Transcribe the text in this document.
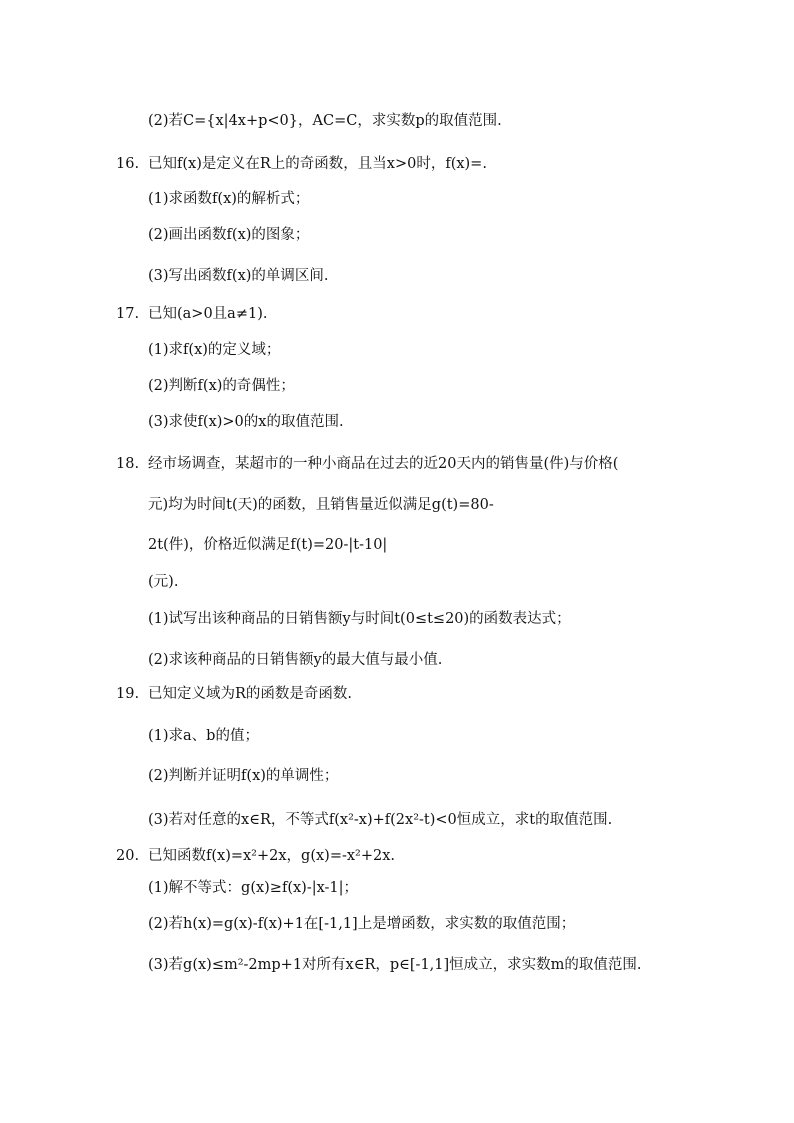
(2)若C={x|4x+p<0}，AC=C，求实数p的取值范围.
16. 已知f(x)是定义在R上的奇函数，且当x>0时，f(x)=.
(1)求函数f(x)的解析式；
(2)画出函数f(x)的图象；
(3)写出函数f(x)的单调区间.
17. 已知(a>0且a≠1).
(1)求f(x)的定义域；
(2)判断f(x)的奇偶性；
(3)求使f(x)>0的x的取值范围.
18. 经市场调查，某超市的一种小商品在过去的近20天内的销售量(件)与价格(
元)均为时间t(天)的函数，且销售量近似满足g(t)=80-
2t(件)，价格近似满足f(t)=20-|t-10|
(元).
(1)试写出该种商品的日销售额y与时间t(0≤t≤20)的函数表达式；
(2)求该种商品的日销售额y的最大值与最小值.
19. 已知定义域为R的函数是奇函数.
(1)求a、b的值；
(2)判断并证明f(x)的单调性；
(3)若对任意的x∈R，不等式f(x²-x)+f(2x²-t)<0恒成立，求t的取值范围.
20. 已知函数f(x)=x²+2x，g(x)=-x²+2x.
(1)解不等式：g(x)≥f(x)-|x-1|；
(2)若h(x)=g(x)-f(x)+1在[-1,1]上是增函数，求实数的取值范围；
(3)若g(x)≤m²-2mp+1对所有x∈R，p∈[-1,1]恒成立，求实数m的取值范围.
